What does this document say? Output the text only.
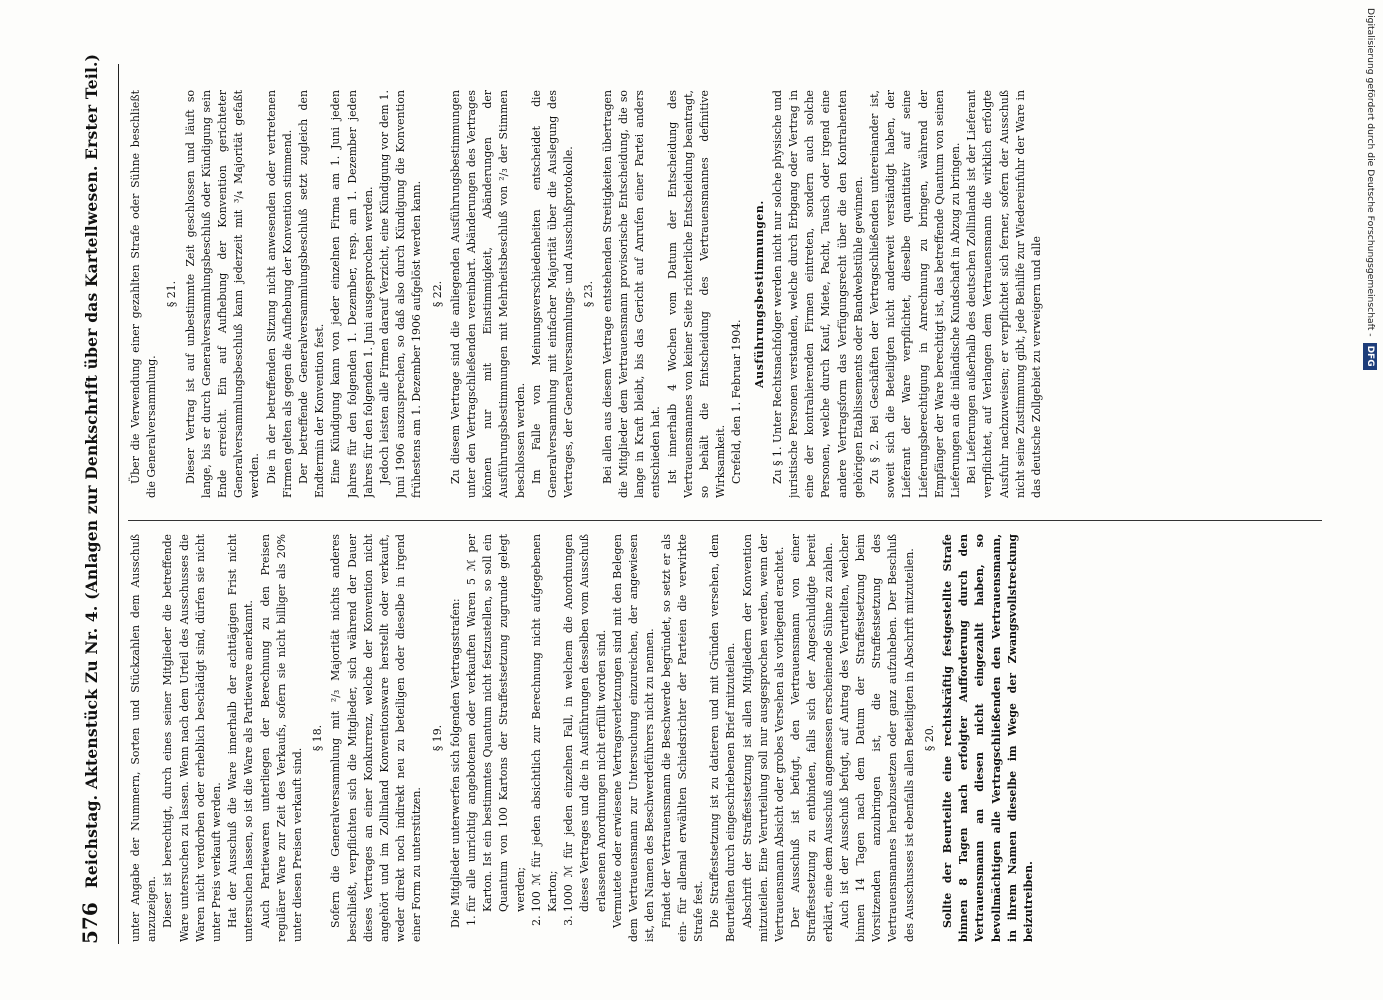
576
Reichstag. Aktenstück Zu Nr. 4. (Anlagen zur Denkschrift über das Kartellwesen. Erster Teil.)	unter Angabe der Nummern, Sorten und Stückzahlen dem Ausschuß anzuzeigen. Dieser ist berechtigt, durch eines seiner Mitglieder die betreffende Ware untersuchen zu lassen. Wenn nach dem Urteil des Ausschusses die Waren nicht verdorben oder erheblich beschädigt sind, dürfen sie nicht unter Preis verkauft werden. Hat der Ausschuß die Ware innerhalb der achttägigen Frist nicht untersuchen lassen, so ist die Ware als Partieware anerkannt. Auch Partiewaren unterliegen der Berechnung zu den Preisen regulärer Ware zur Zeit des Verkaufs, sofern sie nicht billiger als 20% unter diesen Preisen verkauft sind.

§ 18. Sofern die Generalversammlung mit ²/₃ Majorität nichts anderes beschließt, verpflichten sich die Mitglieder, sich während der Dauer dieses Vertrages an einer Konkurrenz, welche der Konvention nicht angehört und im Zollinland Konventionsware herstellt oder verkauft, weder direkt noch indirekt neu zu beteiligen oder dieselbe in irgend einer Form zu unterstützen.

§ 19. Die Mitglieder unterwerfen sich folgenden Vertragsstrafen: 1. für alle unrichtig angebotenen oder verkauften Waren 5 ℳ per Karton. Ist ein bestimmtes Quantum nicht festzustellen, so soll ein Quantum von 100 Kartons der Straffestsetzung zugrunde gelegt werden; 2. 100 ℳ für jeden absichtlich zur Berechnung nicht aufgegebenen Karton; 3. 1000 ℳ für jeden einzelnen Fall, in welchem die Anordnungen dieses Vertrages und die in Ausführungen desselben vom Ausschuß erlassenen Anordnungen nicht erfüllt worden sind. Vermutete oder erwiesene Vertragsverletzungen sind mit den Belegen dem Vertrauensmann zur Untersuchung einzureichen, der angewiesen ist, den Namen des Beschwerdeführers nicht zu nennen. Findet der Vertrauensmann die Beschwerde begründet, so setzt er als ein- für allemal erwählten Schiedsrichter der Parteien die verwirkte Strafe fest. Die Straffestsetzung ist zu datieren und mit Gründen versehen, dem Beurteilten durch eingeschriebenen Brief mitzuteilen. Abschrift der Straffestsetzung ist allen Mitgliedern der Konvention mitzuteilen. Eine Verurteilung soll nur ausgesprochen werden, wenn der Vertrauensmann Absicht oder grobes Versehen als vorliegend erachtet. Der Ausschuß ist befugt, den Vertrauensmann von einer Straffestsetzung zu entbinden, falls sich der Angeschuldigte bereit erklärt, eine dem Ausschuß angemessen erscheinende Sühne zu zahlen. Auch ist der Ausschuß befugt, auf Antrag des Verurteilten, welcher binnen 14 Tagen nach dem Datum der Straffestsetzung beim Vorsitzenden anzubringen ist, die Straffestsetzung des Vertrauensmannes herabzusetzen oder ganz aufzuheben. Der Beschluß des Ausschusses ist ebenfalls allen Beteiligten in Abschrift mitzuteilen. § 20. Sollte der Beurteilte eine rechtskräftig festgestellte Strafe binnen 8 Tagen nach erfolgter Aufforderung durch den Vertrauensmann an diesen nicht eingezahlt haben, so bevollmächtigen alle Vertragschließenden den Vertrauensmann, in ihrem Namen dieselbe im Wege der Zwangsvollstreckung beizutreiben.

Über die Verwendung einer gezahlten Strafe oder Sühne beschließt die Generalversammlung.

§ 21. Dieser Vertrag ist auf unbestimmte Zeit geschlossen und läuft so lange, bis er durch Generalversammlungsbeschluß oder Kündigung sein Ende erreicht. Ein auf Aufhebung der Konvention gerichteter Generalversammlungsbeschluß kann jederzeit mit ³/₄ Majorität gefaßt werden. Die in der betreffenden Sitzung nicht anwesenden oder vertretenen Firmen gelten als gegen die Aufhebung der Konvention stimmend. Der betreffende Generalversammlungsbeschluß setzt zugleich den Endtermin der Konvention fest. Eine Kündigung kann von jeder einzelnen Firma am 1. Juni jeden Jahres für den folgenden 1. Dezember, resp. am 1. Dezember jeden Jahres für den folgenden 1. Juni ausgesprochen werden. Jedoch leisten alle Firmen darauf Verzicht, eine Kündigung vor dem 1. Juni 1906 auszusprechen, so daß also durch Kündigung die Konvention frühestens am 1. Dezember 1906 aufgelöst werden kann. § 22. Zu diesem Vertrage sind die anliegenden Ausführungsbestimmungen unter den Vertragschließenden vereinbart. Abänderungen des Vertrages können nur mit Einstimmigkeit, Abänderungen der Ausführungsbestimmungen mit Mehrheitsbeschluß von ²/₃ der Stimmen beschlossen werden. Im Falle von Meinungsverschiedenheiten entscheidet die Generalversammlung mit einfacher Majorität über die Auslegung des Vertrages, der Generalversammlungs- und Ausschußprotokolle. § 23. Bei allen aus diesem Vertrage entstehenden Streitigkeiten übertragen die Mitglieder dem Vertrauensmann provisorische Entscheidung, die so lange in Kraft bleibt, bis das Gericht auf Anrufen einer Partei anders entschieden hat. Ist innerhalb 4 Wochen vom Datum der Entscheidung des Vertrauensmannes von keiner Seite richterliche Entscheidung beantragt, so behält die Entscheidung des Vertrauensmannes definitive Wirksamkeit. Crefeld, den 1. Februar 1904.

Ausführungsbestimmungen. Zu § 1. Unter Rechtsnachfolger werden nicht nur solche physische und juristische Personen verstanden, welche durch Erbgang oder Vertrag in eine der kontrahierenden Firmen eintreten, sondern auch solche Personen, welche durch Kauf, Miete, Pacht, Tausch oder irgend eine andere Vertragsform das Verfügungsrecht über die den Kontrahenten gehörigen Etablissements oder Bandwebstühle gewinnen. Zu § 2. Bei Geschäften der Vertragschließenden untereinander ist, soweit sich die Beteiligten nicht anderweit verständigt haben, der Lieferant der Ware verpflichtet, dieselbe quantitativ auf seine Lieferungsberechtigung in Anrechnung zu bringen, während der Empfänger der Ware berechtigt ist, das betreffende Quantum von seinen Lieferungen an die inländische Kundschaft in Abzug zu bringen. Bei Lieferungen außerhalb des deutschen Zollinlands ist der Lieferant verpflichtet, auf Verlangen dem Vertrauensmann die wirklich erfolgte Ausfuhr nachzuweisen; er verpflichtet sich ferner, sofern der Ausschuß nicht seine Zustimmung gibt, jede Beihilfe zur Wiedereinfuhr der Ware in das deutsche Zollgebiet zu verweigern und alle

Digitalisierung gefördert durch die Deutsche Forschungsgemeinschaft -DFG
